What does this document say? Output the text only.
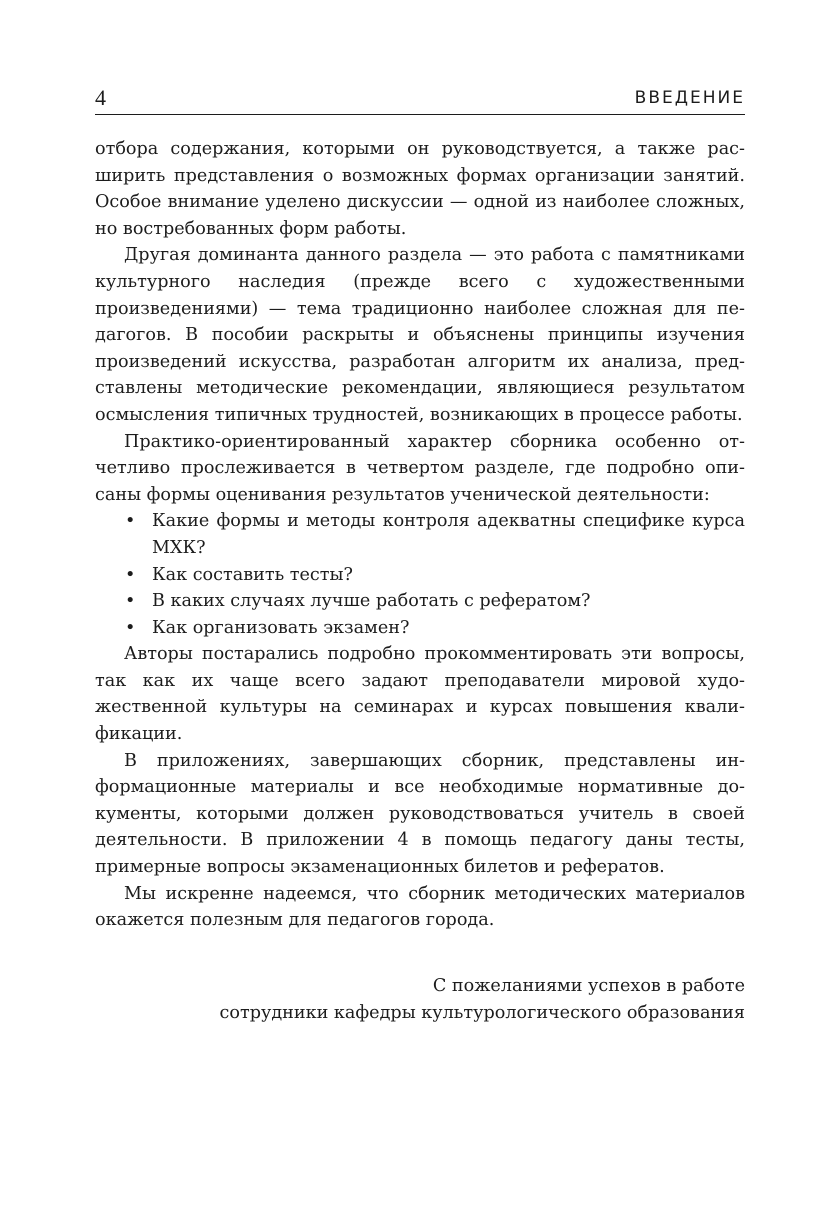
4	ВВЕДЕНИЕ

отбора содержания, которыми он руководствуется, а также расширить представления о возможных формах организации занятий. Особое внимание уделено дискуссии — одной из наиболее сложных, но востребованных форм работы.

Другая доминанта данного раздела — это работа с памятниками культурного наследия (прежде всего с художественными произведениями) — тема традиционно наиболее сложная для педагогов. В пособии раскрыты и объяснены принципы изучения произведений искусства, разработан алгоритм их анализа, представлены методические рекомендации, являющиеся результатом осмысления типичных трудностей, возникающих в процессе работы.

Практико-ориентированный характер сборника особенно отчетливо прослеживается в четвертом разделе, где подробно описаны формы оценивания результатов ученической деятельности:

• Какие формы и методы контроля адекватны специфике курса МХК?
• Как составить тесты?
• В каких случаях лучше работать с рефератом?
• Как организовать экзамен?

Авторы постарались подробно прокомментировать эти вопросы, так как их чаще всего задают преподаватели мировой художественной культуры на семинарах и курсах повышения квалификации.

В приложениях, завершающих сборник, представлены информационные материалы и все необходимые нормативные документы, которыми должен руководствоваться учитель в своей деятельности. В приложении 4 в помощь педагогу даны тесты, примерные вопросы экзаменационных билетов и рефератов.

Мы искренне надеемся, что сборник методических материалов окажется полезным для педагогов города.

С пожеланиями успехов в работе
сотрудники кафедры культурологического образования
